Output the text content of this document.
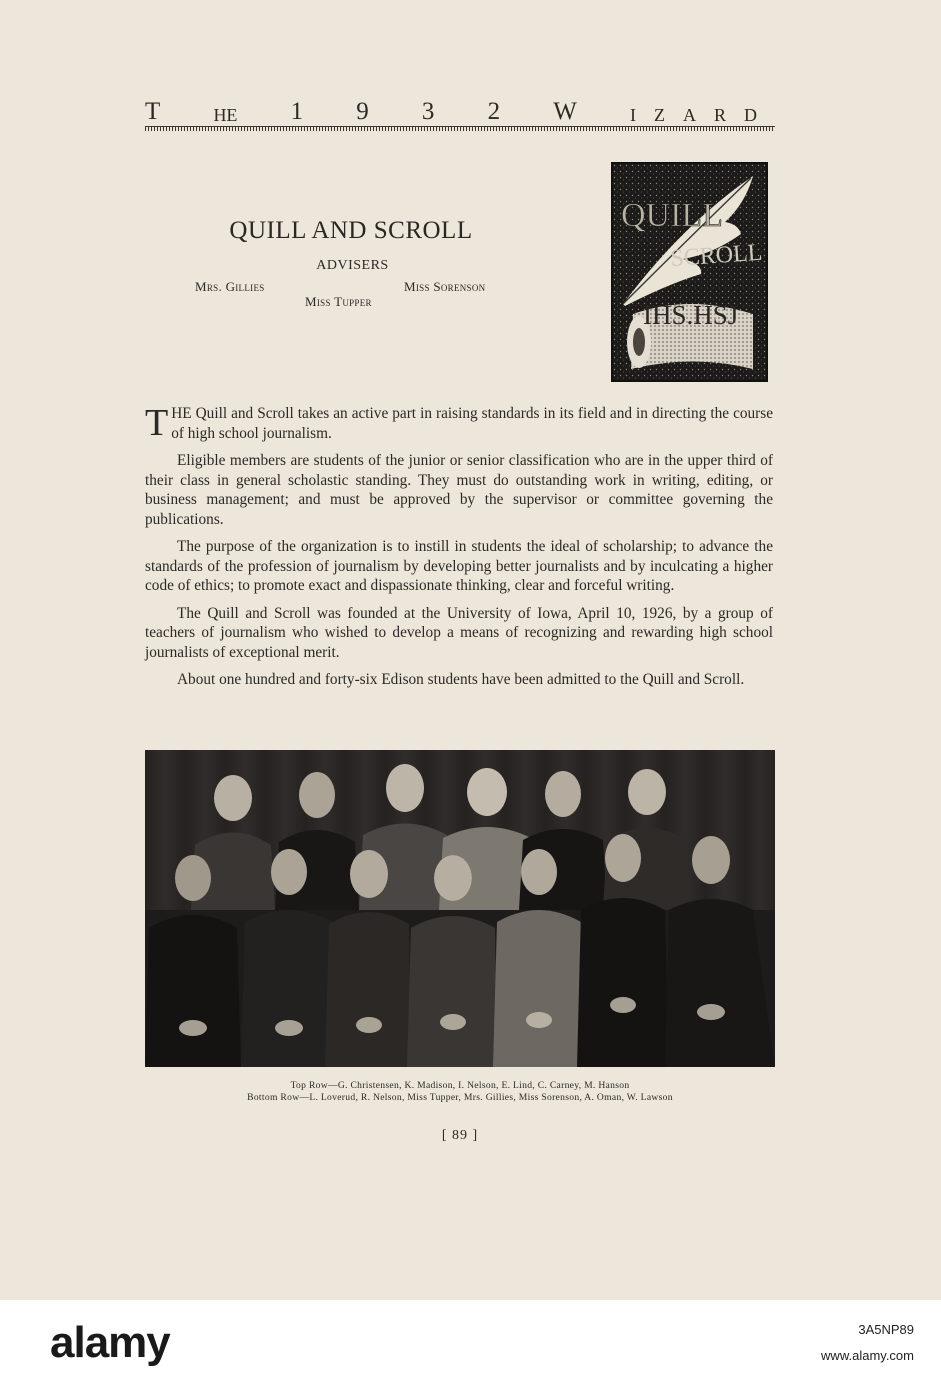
T	HE 1 9 3 2 W	IZARD
QUILL AND SCROLL
ADVISERS
Mrs. Gillies	Miss Sorenson
Miss Tupper
QUILL
SCROLL
IHS.HSJ

THE Quill and Scroll takes an active part in raising standards in its field and in directing the course of high school journalism.

Eligible members are students of the junior or senior classification who are in the upper third of their class in general scholastic standing. They must do outstanding work in writing, editing, or business management; and must be approved by the supervisor or committee governing the publications.

The purpose of the organization is to instill in students the ideal of scholarship; to advance the standards of the profession of journalism by developing better journalists and by inculcating a higher code of ethics; to promote exact and dispassionate thinking, clear and forceful writing.

The Quill and Scroll was founded at the University of Iowa, April 10, 1926, by a group of teachers of journalism who wished to develop a means of recognizing and rewarding high school journalists of exceptional merit.

About one hundred and forty-six Edison students have been admitted to the Quill and Scroll.

Top Row—G. Christensen, K. Madison, I. Nelson, E. Lind, C. Carney, M. Hanson
Bottom Row—L. Loverud, R. Nelson, Miss Tupper, Mrs. Gillies, Miss Sorenson, A. Oman, W. Lawson
[ 89 ]
alamy	3A5NP89
www.alamy.com
